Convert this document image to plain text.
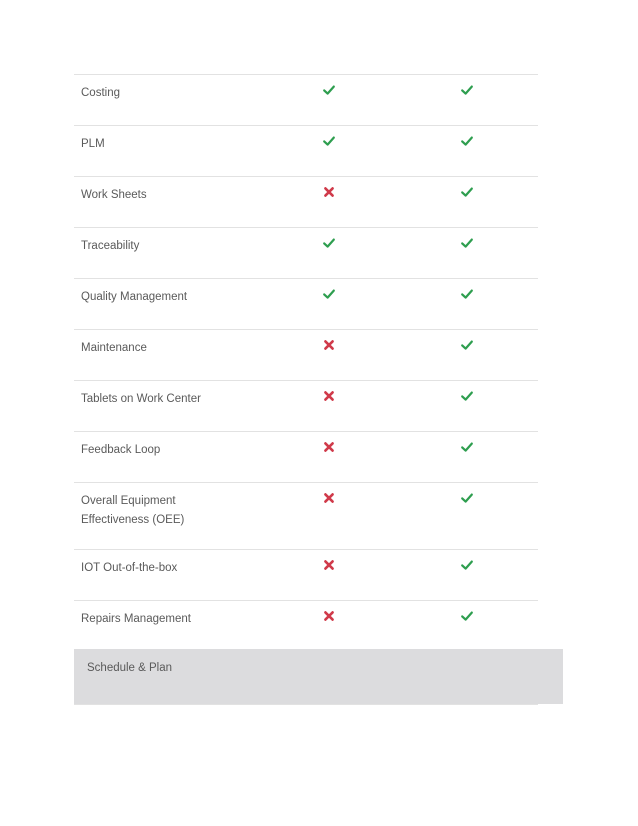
Costing
PLM
Work Sheets
Traceability
Quality Management
Maintenance
Tablets on Work Center
Feedback Loop
Overall Equipment Effectiveness (OEE)
IOT Out-of-the-box
Repairs Management
Schedule & Plan
